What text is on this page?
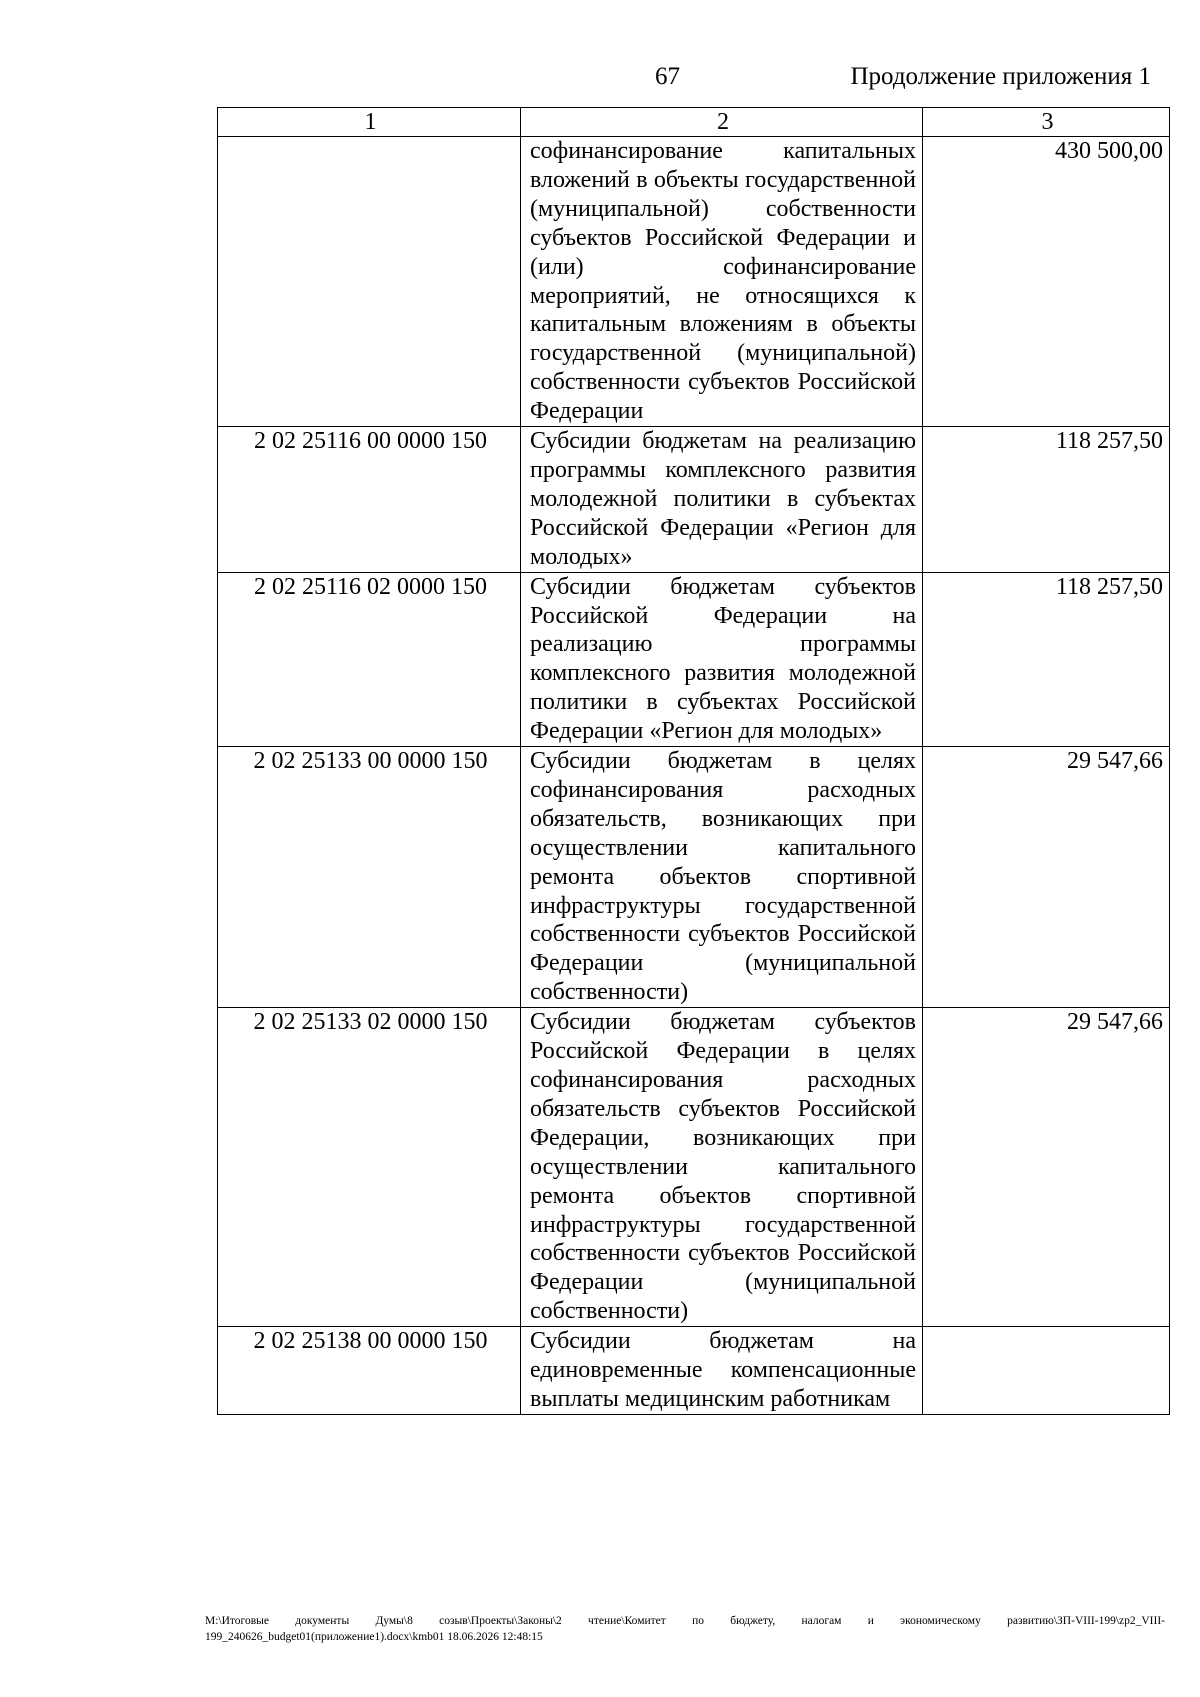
67	Продолжение приложения 1
1	2	3
	софинансирование капитальных вложений в объекты государственной (муниципальной) собственности субъектов Российской Федерации и (или) софинансирование мероприятий, не относящихся к капитальным вложениям в объекты государственной (муниципальной) собственности субъектов Российской Федерации	430 500,00
2 02 25116 00 0000 150	Субсидии бюджетам на реализацию программы комплексного развития молодежной политики в субъектах Российской Федерации «Регион для молодых»	118 257,50
2 02 25116 02 0000 150	Субсидии бюджетам субъектов Российской Федерации на реализацию программы комплексного развития молодежной политики в субъектах Российской Федерации «Регион для молодых»	118 257,50
2 02 25133 00 0000 150	Субсидии бюджетам в целях софинансирования расходных обязательств, возникающих при осуществлении капитального ремонта объектов спортивной инфраструктуры государственной собственности субъектов Российской Федерации (муниципальной собственности)	29 547,66
2 02 25133 02 0000 150	Субсидии бюджетам субъектов Российской Федерации в целях софинансирования расходных обязательств субъектов Российской Федерации, возникающих при осуществлении капитального ремонта объектов спортивной инфраструктуры государственной собственности субъектов Российской Федерации (муниципальной собственности)	29 547,66
2 02 25138 00 0000 150	Субсидии бюджетам на единовременные компенсационные выплаты медицинским работникам	
M:\Итоговые документы Думы\8 созыв\Проекты\Законы\2 чтение\Комитет по бюджету, налогам и экономическому развитию\ЗП-VIII-199\zp2_VIII-199_240626_budget01(приложение1).docx\kmb01 18.06.2026 12:48:15
